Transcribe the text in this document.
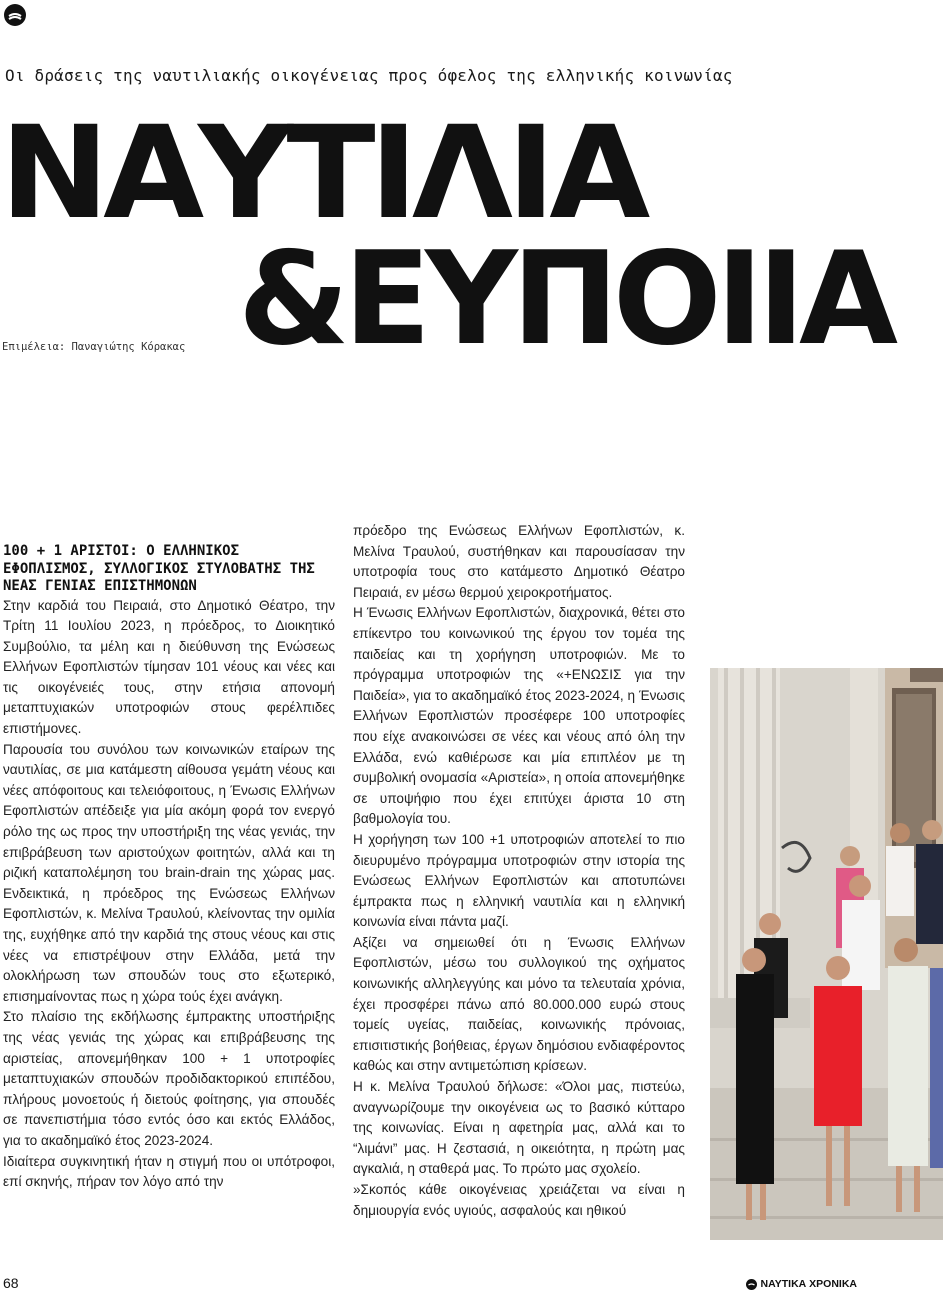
Οι δράσεις της ναυτιλιακής οικογένειας προς όφελος της ελληνικής κοινωνίας
ΝΑΥΤΙΛΙΑ
&ΕΥΠΟΙΙΑ
Επιμέλεια: Παναγιώτης Κόρακας

100 + 1 ΑΡΙΣΤΟΙ: Ο ΕΛΛΗΝΙΚΟΣ ΕΦΟΠΛΙΣΜΟΣ, ΣΥΛΛΟΓΙΚΟΣ ΣΤΥΛΟΒΑΤΗΣ ΤΗΣ ΝΕΑΣ ΓΕΝΙΑΣ ΕΠΙΣΤΗΜΟΝΩΝ

Στην καρδιά του Πειραιά, στο Δημοτικό Θέατρο, την Τρίτη 11 Ιουλίου 2023, η πρόεδρος, το Διοικητικό Συμβούλιο, τα μέλη και η διεύθυνση της Ενώσεως Ελλήνων Εφοπλιστών τίμησαν 101 νέους και νέες και τις οικογένειές τους, στην ετήσια απονομή μεταπτυχιακών υποτροφιών στους φερέλπιδες επιστήμονες.

Παρουσία του συνόλου των κοινωνικών εταίρων της ναυτιλίας, σε μια κατάμεστη αίθουσα γεμάτη νέους και νέες απόφοιτους και τελειόφοιτους, η Ένωσις Ελλήνων Εφοπλιστών απέδειξε για μία ακόμη φορά τον ενεργό ρόλο της ως προς την υποστήριξη της νέας γενιάς, την επιβράβευση των αριστούχων φοιτητών, αλλά και τη ριζική καταπολέμηση του brain-drain της χώρας μας. Ενδεικτικά, η πρόεδρος της Ενώσεως Ελλήνων Εφοπλιστών, κ. Μελίνα Τραυλού, κλείνοντας την ομιλία της, ευχήθηκε από την καρδιά της στους νέους και στις νέες να επιστρέψουν στην Ελλάδα, μετά την ολοκλήρωση των σπουδών τους στο εξωτερικό, επισημαίνοντας πως η χώρα τούς έχει ανάγκη.

Στο πλαίσιο της εκδήλωσης έμπρακτης υποστήριξης της νέας γενιάς της χώρας και επιβράβευσης της αριστείας, απονεμήθηκαν 100 + 1 υποτροφίες μεταπτυχιακών σπουδών προδιδακτορικού επιπέδου, πλήρους μονοετούς ή διετούς φοίτησης, για σπουδές σε πανεπιστήμια τόσο εντός όσο και εκτός Ελλάδος, για το ακαδημαϊκό έτος 2023-2024.

Ιδιαίτερα συγκινητική ήταν η στιγμή που οι υπότροφοι, επί σκηνής, πήραν τον λόγο από την

πρόεδρο της Ενώσεως Ελλήνων Εφοπλιστών, κ. Μελίνα Τραυλού, συστήθηκαν και παρουσίασαν την υποτροφία τους στο κατάμεστο Δημοτικό Θέατρο Πειραιά, εν μέσω θερμού χειροκροτήματος.

Η Ένωσις Ελλήνων Εφοπλιστών, διαχρονικά, θέτει στο επίκεντρο του κοινωνικού της έργου τον τομέα της παιδείας και τη χορήγηση υποτροφιών. Με το πρόγραμμα υποτροφιών της «+ΕΝΩΣΙΣ για την Παιδεία», για το ακαδημαϊκό έτος 2023-2024, η Ένωσις Ελλήνων Εφοπλιστών προσέφερε 100 υποτροφίες που είχε ανακοινώσει σε νέες και νέους από όλη την Ελλάδα, ενώ καθιέρωσε και μία επιπλέον με τη συμβολική ονομασία «Αριστεία», η οποία απονεμήθηκε σε υποψήφιο που έχει επιτύχει άριστα 10 στη βαθμολογία του.

Η χορήγηση των 100 +1 υποτροφιών αποτελεί το πιο διευρυμένο πρόγραμμα υποτροφιών στην ιστορία της Ενώσεως Ελλήνων Εφοπλιστών και αποτυπώνει έμπρακτα πως η ελληνική ναυτιλία και η ελληνική κοινωνία είναι πάντα μαζί.

Αξίζει να σημειωθεί ότι η Ένωσις Ελλήνων Εφοπλιστών, μέσω του συλλογικού της οχήματος κοινωνικής αλληλεγγύης και μόνο τα τελευταία χρόνια, έχει προσφέρει πάνω από 80.000.000 ευρώ στους τομείς υγείας, παιδείας, κοινωνικής πρόνοιας, επισιτιστικής βοήθειας, έργων δημόσιου ενδιαφέροντος καθώς και στην αντιμετώπιση κρίσεων.

Η κ. Μελίνα Τραυλού δήλωσε: «Όλοι μας, πιστεύω, αναγνωρίζουμε την οικογένεια ως το βασικό κύτταρο της κοινωνίας. Είναι η αφετηρία μας, αλλά και το “λιμάνι” μας. Η ζεστασιά, η οικειότητα, η πρώτη μας αγκαλιά, η σταθερά μας. Το πρώτο μας σχολείο.

»Σκοπός κάθε οικογένειας χρειάζεται να είναι η δημιουργία ενός υγιούς, ασφαλούς και ηθικού

68	ΝΑΥΤΙΚΑ ΧΡΟΝΙΚΑ
